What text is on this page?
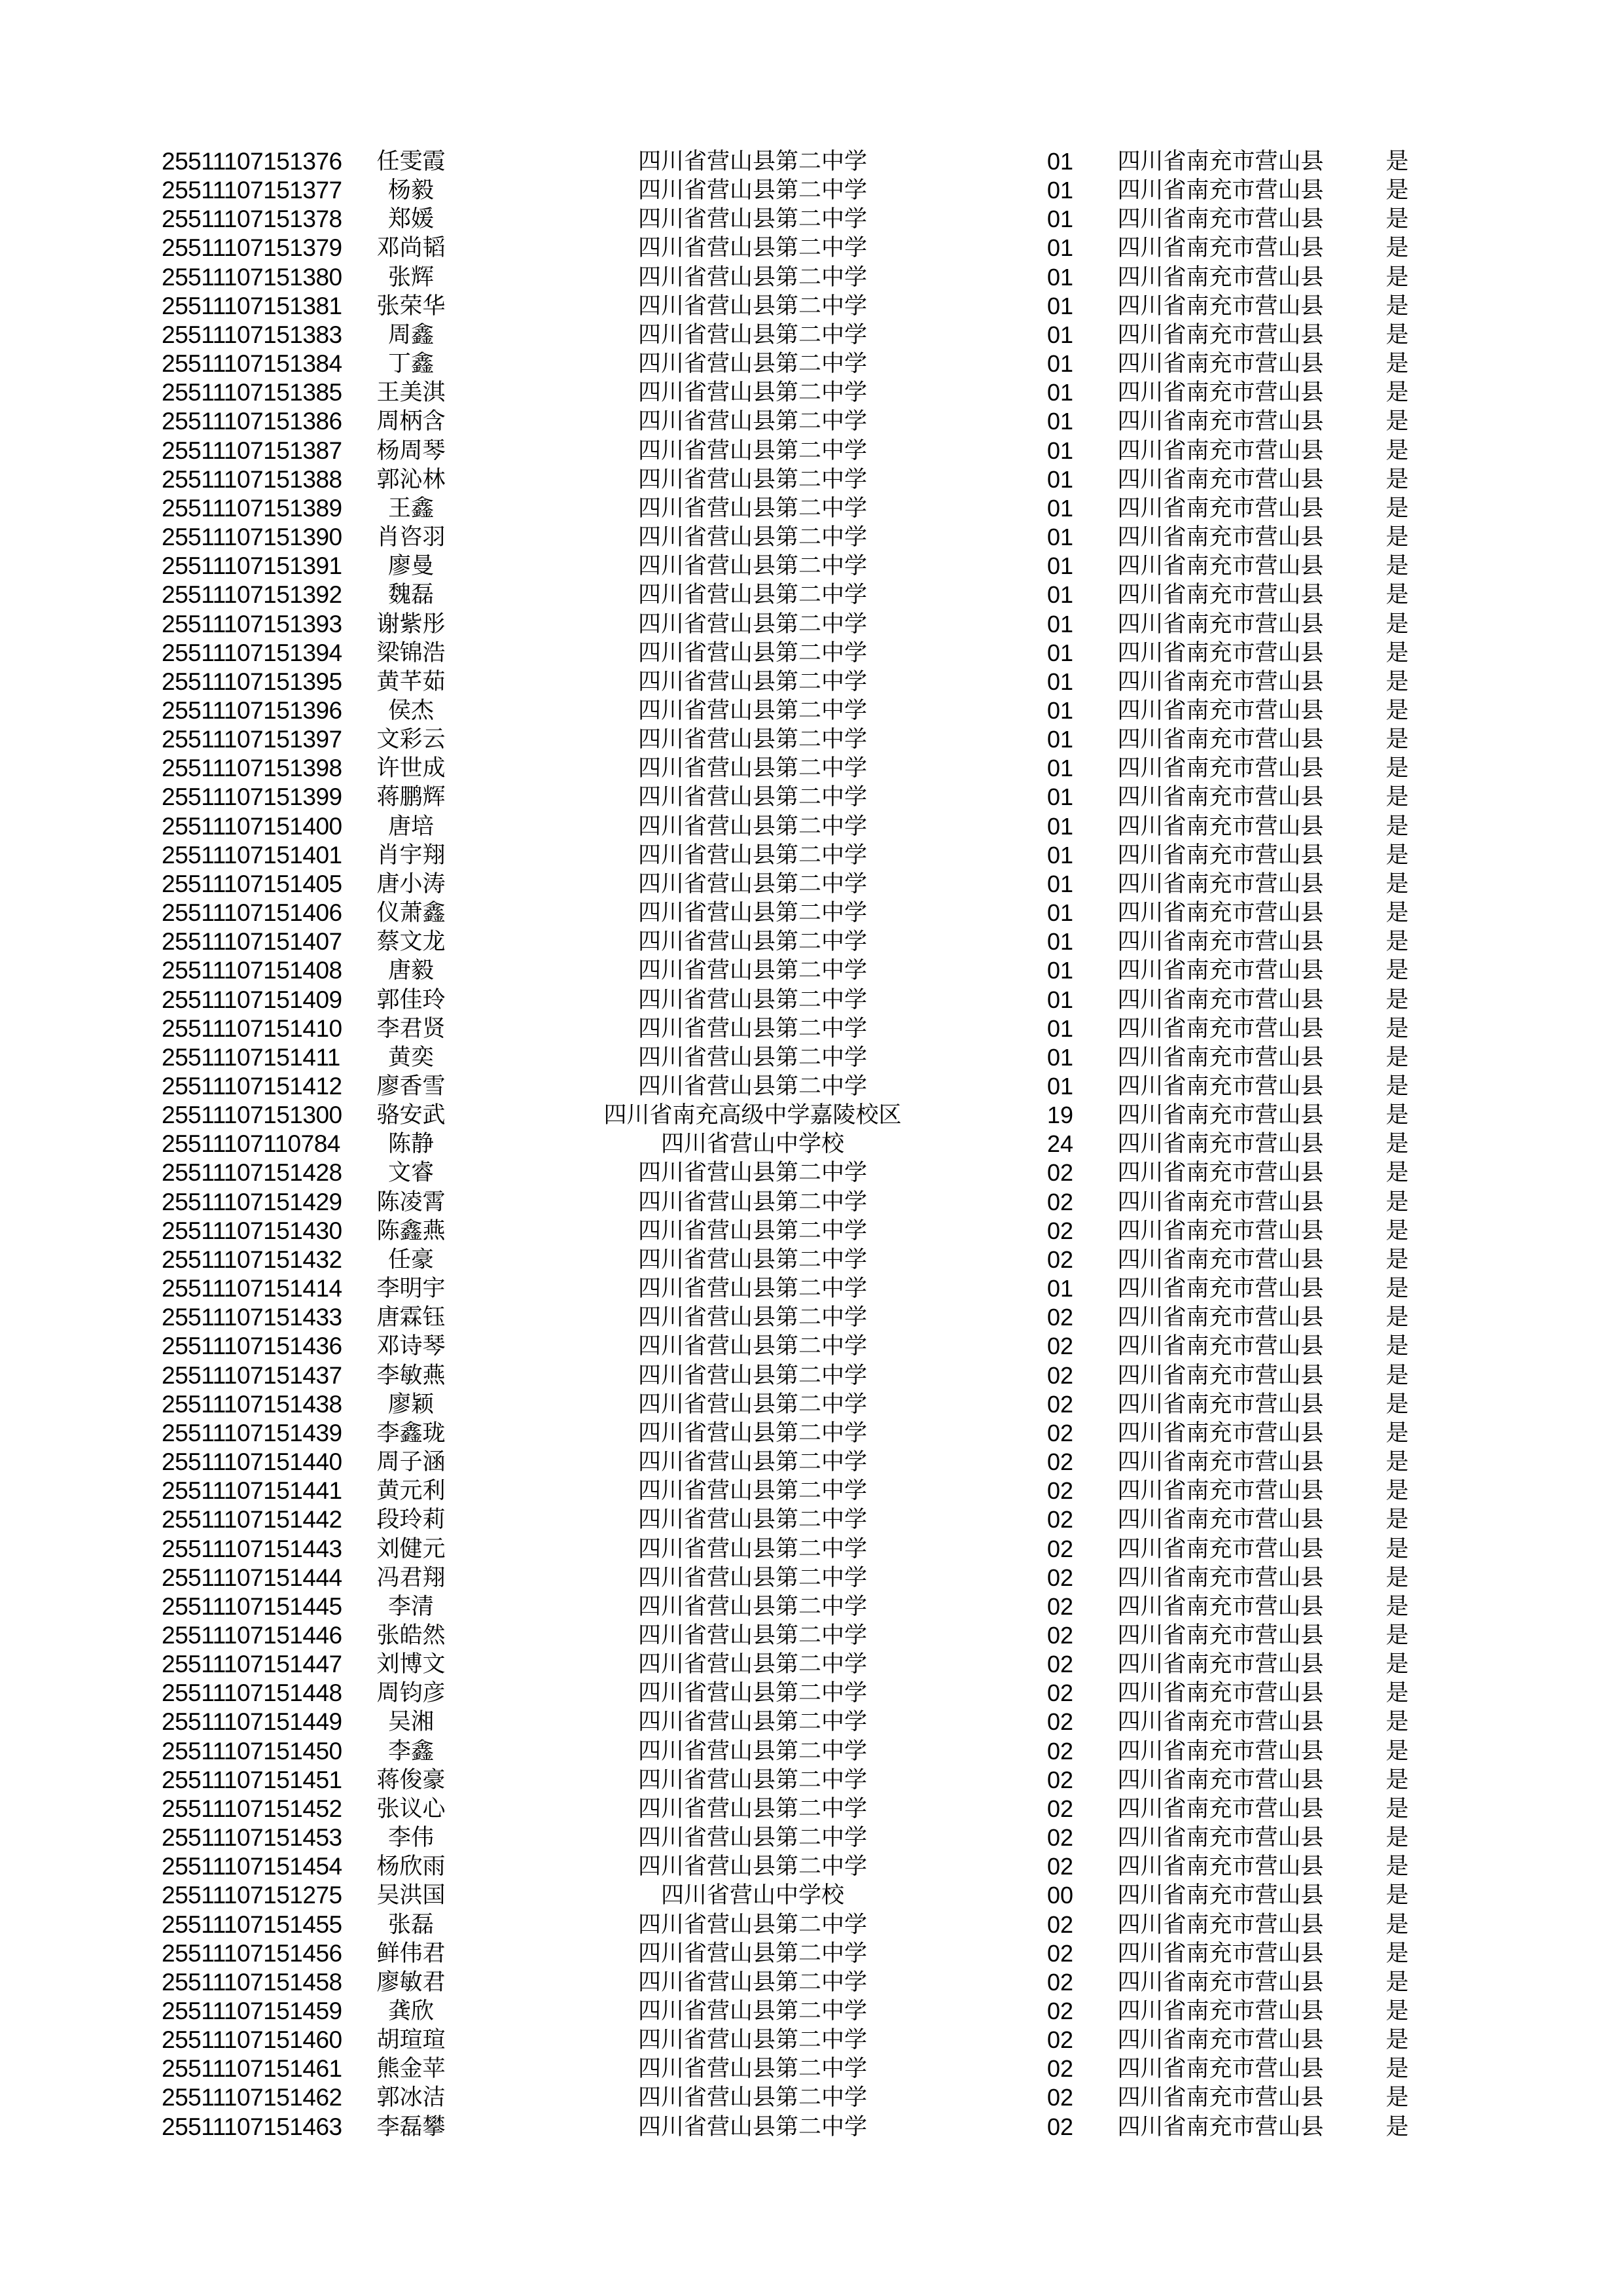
25511107151376	任雯霞	四川省营山县第二中学	01	四川省南充市营山县	是
25511107151377	杨毅	四川省营山县第二中学	01	四川省南充市营山县	是
25511107151378	郑媛	四川省营山县第二中学	01	四川省南充市营山县	是
25511107151379	邓尚韬	四川省营山县第二中学	01	四川省南充市营山县	是
25511107151380	张辉	四川省营山县第二中学	01	四川省南充市营山县	是
25511107151381	张荣华	四川省营山县第二中学	01	四川省南充市营山县	是
25511107151383	周鑫	四川省营山县第二中学	01	四川省南充市营山县	是
25511107151384	丁鑫	四川省营山县第二中学	01	四川省南充市营山县	是
25511107151385	王美淇	四川省营山县第二中学	01	四川省南充市营山县	是
25511107151386	周柄含	四川省营山县第二中学	01	四川省南充市营山县	是
25511107151387	杨周琴	四川省营山县第二中学	01	四川省南充市营山县	是
25511107151388	郭沁林	四川省营山县第二中学	01	四川省南充市营山县	是
25511107151389	王鑫	四川省营山县第二中学	01	四川省南充市营山县	是
25511107151390	肖咨羽	四川省营山县第二中学	01	四川省南充市营山县	是
25511107151391	廖曼	四川省营山县第二中学	01	四川省南充市营山县	是
25511107151392	魏磊	四川省营山县第二中学	01	四川省南充市营山县	是
25511107151393	谢紫彤	四川省营山县第二中学	01	四川省南充市营山县	是
25511107151394	梁锦浩	四川省营山县第二中学	01	四川省南充市营山县	是
25511107151395	黄芊茹	四川省营山县第二中学	01	四川省南充市营山县	是
25511107151396	侯杰	四川省营山县第二中学	01	四川省南充市营山县	是
25511107151397	文彩云	四川省营山县第二中学	01	四川省南充市营山县	是
25511107151398	许世成	四川省营山县第二中学	01	四川省南充市营山县	是
25511107151399	蒋鹏辉	四川省营山县第二中学	01	四川省南充市营山县	是
25511107151400	唐培	四川省营山县第二中学	01	四川省南充市营山县	是
25511107151401	肖宇翔	四川省营山县第二中学	01	四川省南充市营山县	是
25511107151405	唐小涛	四川省营山县第二中学	01	四川省南充市营山县	是
25511107151406	仪萧鑫	四川省营山县第二中学	01	四川省南充市营山县	是
25511107151407	蔡文龙	四川省营山县第二中学	01	四川省南充市营山县	是
25511107151408	唐毅	四川省营山县第二中学	01	四川省南充市营山县	是
25511107151409	郭佳玲	四川省营山县第二中学	01	四川省南充市营山县	是
25511107151410	李君贤	四川省营山县第二中学	01	四川省南充市营山县	是
25511107151411	黄奕	四川省营山县第二中学	01	四川省南充市营山县	是
25511107151412	廖香雪	四川省营山县第二中学	01	四川省南充市营山县	是
25511107151300	骆安武	四川省南充高级中学嘉陵校区	19	四川省南充市营山县	是
25511107110784	陈静	四川省营山中学校	24	四川省南充市营山县	是
25511107151428	文睿	四川省营山县第二中学	02	四川省南充市营山县	是
25511107151429	陈凌霄	四川省营山县第二中学	02	四川省南充市营山县	是
25511107151430	陈鑫燕	四川省营山县第二中学	02	四川省南充市营山县	是
25511107151432	任豪	四川省营山县第二中学	02	四川省南充市营山县	是
25511107151414	李明宇	四川省营山县第二中学	01	四川省南充市营山县	是
25511107151433	唐霖钰	四川省营山县第二中学	02	四川省南充市营山县	是
25511107151436	邓诗琴	四川省营山县第二中学	02	四川省南充市营山县	是
25511107151437	李敏燕	四川省营山县第二中学	02	四川省南充市营山县	是
25511107151438	廖颖	四川省营山县第二中学	02	四川省南充市营山县	是
25511107151439	李鑫珑	四川省营山县第二中学	02	四川省南充市营山县	是
25511107151440	周子涵	四川省营山县第二中学	02	四川省南充市营山县	是
25511107151441	黄元利	四川省营山县第二中学	02	四川省南充市营山县	是
25511107151442	段玲莉	四川省营山县第二中学	02	四川省南充市营山县	是
25511107151443	刘健元	四川省营山县第二中学	02	四川省南充市营山县	是
25511107151444	冯君翔	四川省营山县第二中学	02	四川省南充市营山县	是
25511107151445	李清	四川省营山县第二中学	02	四川省南充市营山县	是
25511107151446	张皓然	四川省营山县第二中学	02	四川省南充市营山县	是
25511107151447	刘博文	四川省营山县第二中学	02	四川省南充市营山县	是
25511107151448	周钧彦	四川省营山县第二中学	02	四川省南充市营山县	是
25511107151449	吴湘	四川省营山县第二中学	02	四川省南充市营山县	是
25511107151450	李鑫	四川省营山县第二中学	02	四川省南充市营山县	是
25511107151451	蒋俊豪	四川省营山县第二中学	02	四川省南充市营山县	是
25511107151452	张议心	四川省营山县第二中学	02	四川省南充市营山县	是
25511107151453	李伟	四川省营山县第二中学	02	四川省南充市营山县	是
25511107151454	杨欣雨	四川省营山县第二中学	02	四川省南充市营山县	是
25511107151275	吴洪国	四川省营山中学校	00	四川省南充市营山县	是
25511107151455	张磊	四川省营山县第二中学	02	四川省南充市营山县	是
25511107151456	鲜伟君	四川省营山县第二中学	02	四川省南充市营山县	是
25511107151458	廖敏君	四川省营山县第二中学	02	四川省南充市营山县	是
25511107151459	龚欣	四川省营山县第二中学	02	四川省南充市营山县	是
25511107151460	胡瑄瑄	四川省营山县第二中学	02	四川省南充市营山县	是
25511107151461	熊金苹	四川省营山县第二中学	02	四川省南充市营山县	是
25511107151462	郭冰洁	四川省营山县第二中学	02	四川省南充市营山县	是
25511107151463	李磊攀	四川省营山县第二中学	02	四川省南充市营山县	是
